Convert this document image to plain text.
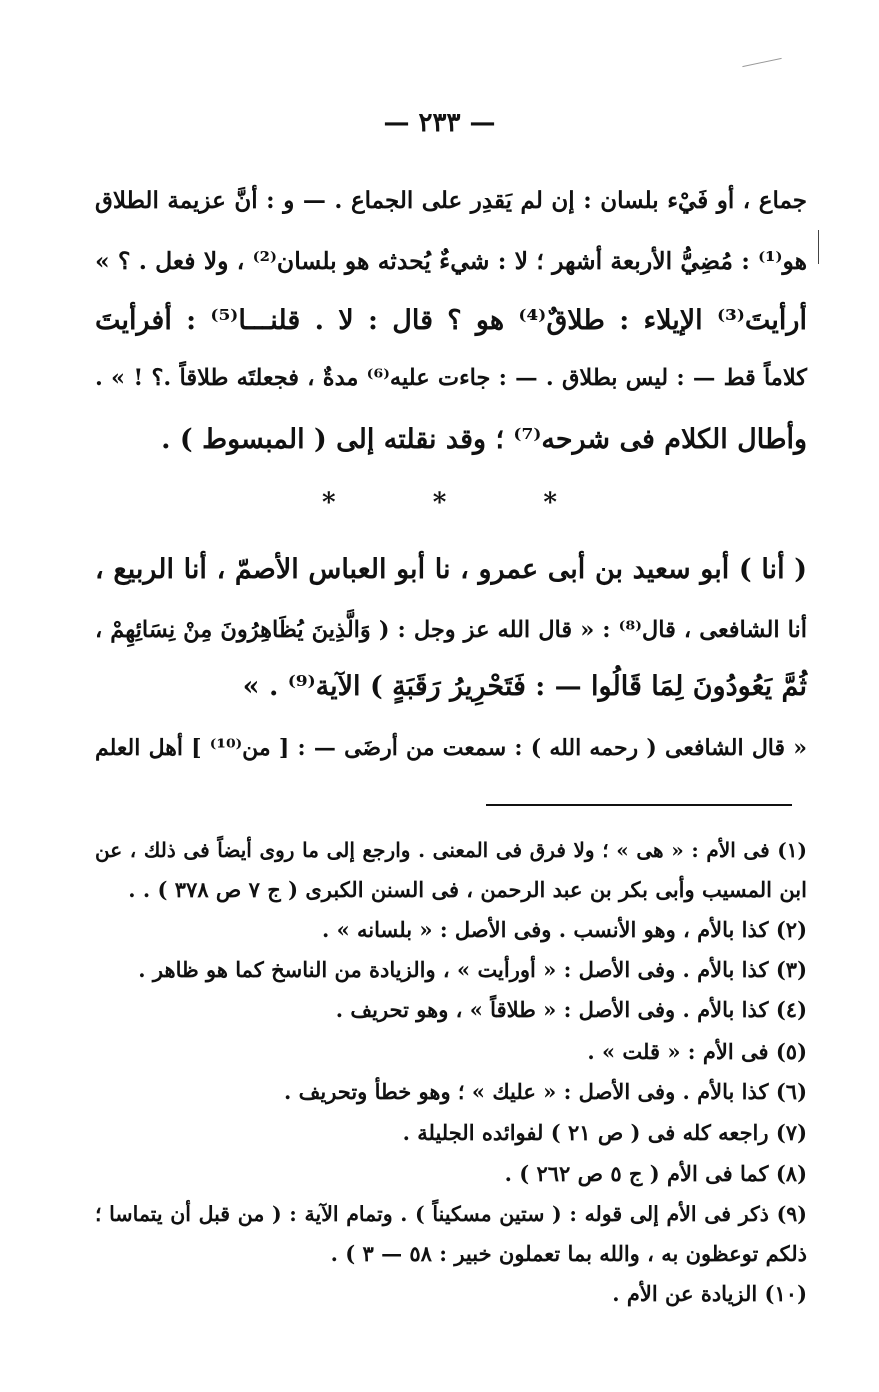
— ٢٣٣ —
جماع ، أو فَيْء بلسان : إن لم يَقدِر على الجماع . — و : أنَّ عزيمة الطلاق
هو⁽¹⁾ : مُضِيُّ الأربعة أشهر ؛ لا : شيءٌ يُحدثه هو بلسان⁽²⁾ ، ولا فعل . ؟ »
أرأيتَ⁽³⁾ الإيلاء : طلاقٌ⁽⁴⁾ هو ؟ قال : لا . قلنـــا⁽⁵⁾ : أفرأيتَ
كلاماً قط — : ليس بطلاق . — : جاءت عليه⁽⁶⁾ مدةٌ ، فجعلتَه طلاقاً .؟ ! » .
وأطال الكلام فى شرحه⁽⁷⁾ ؛ وقد نقلته إلى ( المبسوط ) .
* * *
( أنا ) أبو سعيد بن أبى عمرو ، نا أبو العباس الأصمّ ، أنا الربيع ،
أنا الشافعى ، قال⁽⁸⁾ : « قال الله عز وجل : ( وَالَّذِينَ يُظَاهِرُونَ مِنْ نِسَائِهِمْ ،
ثُمَّ يَعُودُونَ لِمَا قَالُوا — : فَتَحْرِيرُ رَقَبَةٍ ) الآية⁽⁹⁾ . »
« قال الشافعى ( رحمه الله ) : سمعت من أرضَى — : [ من⁽¹⁰⁾ ] أهل العلم
(١) فى الأم : « هى » ؛ ولا فرق فى المعنى . وارجع إلى ما روى أيضاً فى ذلك ، عن
ابن المسيب وأبى بكر بن عبد الرحمن ، فى السنن الكبرى ( ج ٧ ص ٣٧٨ ) . .
(٢) كذا بالأم ، وهو الأنسب . وفى الأصل : « بلسانه » .
(٣) كذا بالأم . وفى الأصل : « أورأيت » ، والزيادة من الناسخ كما هو ظاهر .
(٤) كذا بالأم . وفى الأصل : « طلاقاً » ، وهو تحريف .
(٥) فى الأم : « قلت » .
(٦) كذا بالأم . وفى الأصل : « عليك » ؛ وهو خطأ وتحريف .
(٧) راجعه كله فى ( ص ٢١ ) لفوائده الجليلة .
(٨) كما فى الأم ( ج ٥ ص ٢٦٢ ) .
(٩) ذكر فى الأم إلى قوله : ( ستين مسكيناً ) . وتمام الآية : ( من قبل أن يتماسا ؛
ذلكم توعظون به ، والله بما تعملون خبير : ٥٨ — ٣ ) .
(١٠) الزيادة عن الأم .
